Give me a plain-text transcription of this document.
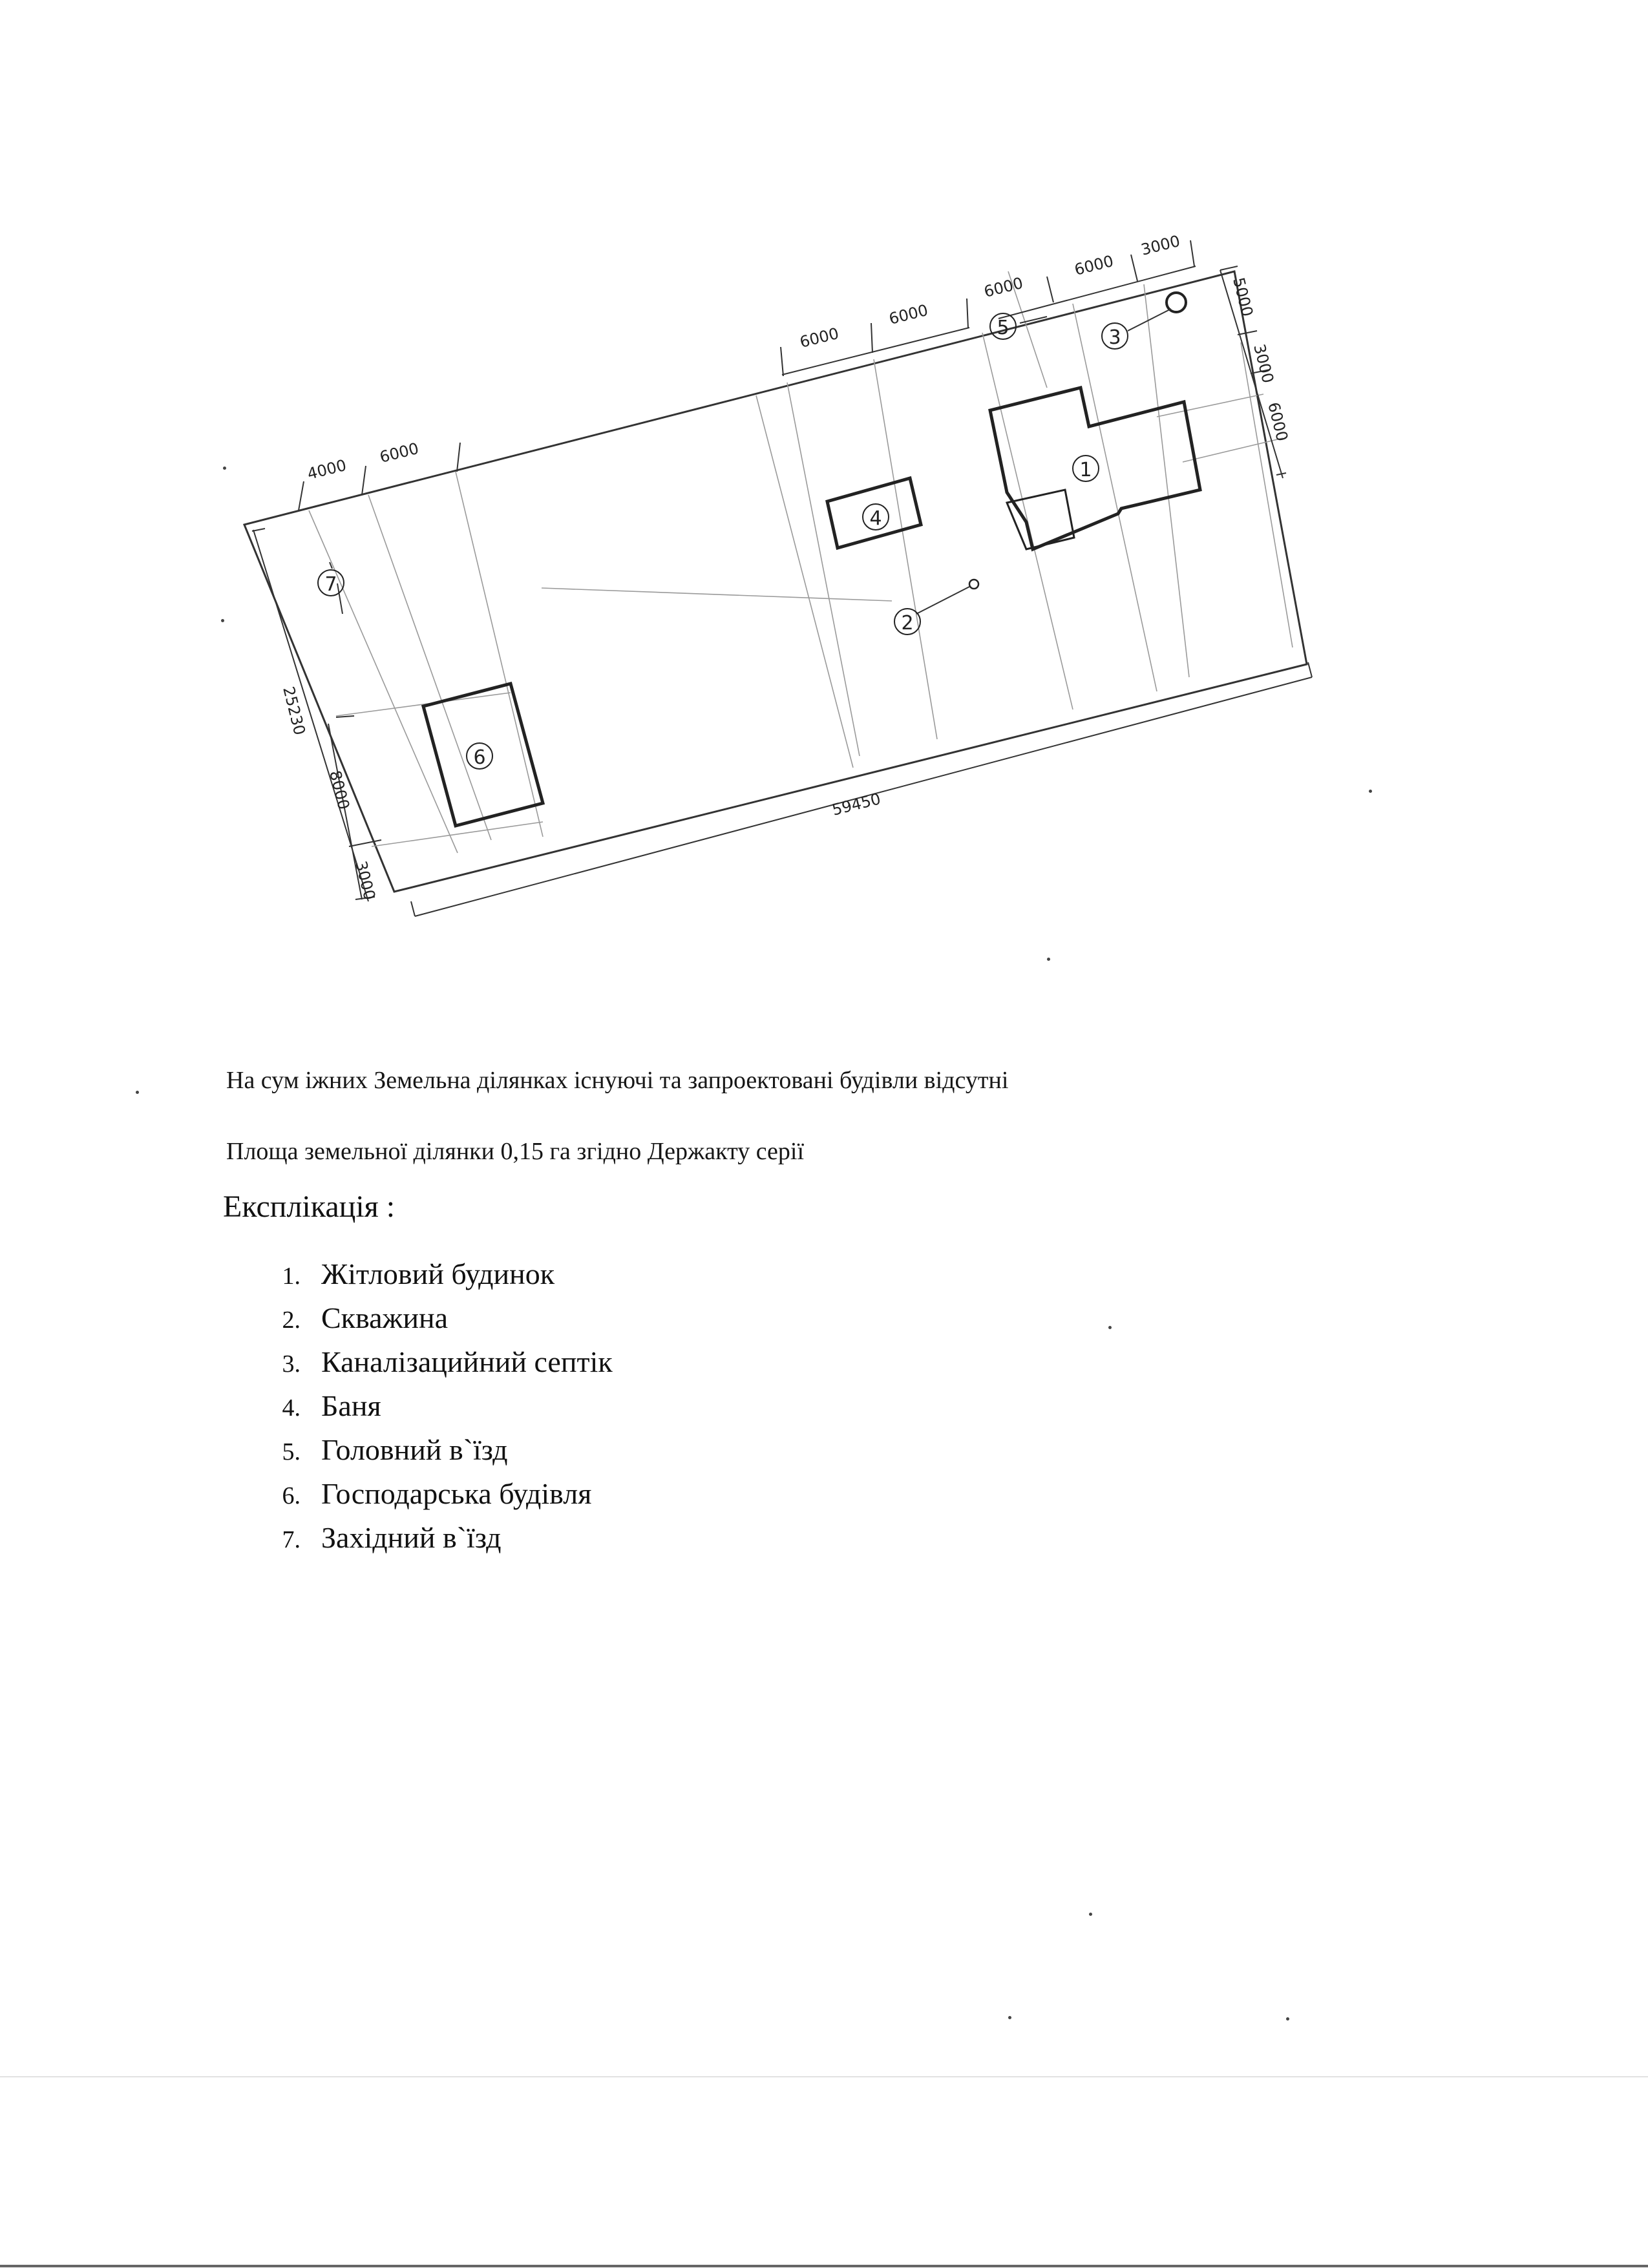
1
2
3
4
5
6
7
4000
6000
6000
6000
6000
6000
3000
5000
3000
6000
25230
8000
3000
59450
На сум іжних Земельна ділянках існуючі та запроектовані будівли відсутні
Площа земельної ділянки 0,15 га згідно Держакту серії
Експлікація :
1. Жітловий будинок
2. Скважина
3. Каналізацийний септік
4. Баня
5. Головний в`їзд
6. Господарська будівля
7. Західний в`їзд
